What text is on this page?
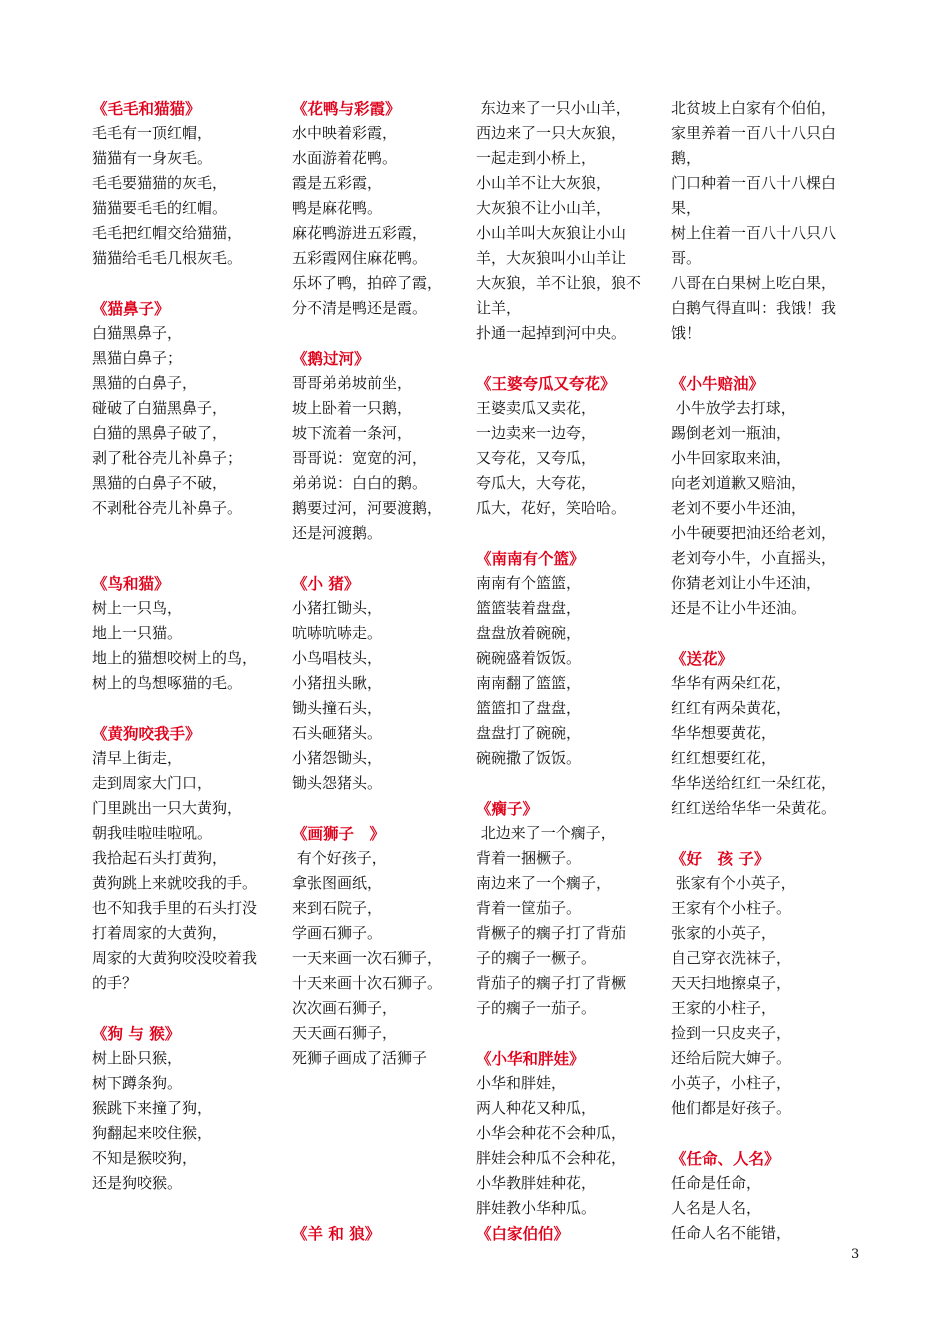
《毛毛和猫猫》
毛毛有一顶红帽，
猫猫有一身灰毛。
毛毛要猫猫的灰毛，
猫猫要毛毛的红帽。
毛毛把红帽交给猫猫，
猫猫给毛毛几根灰毛。
《猫鼻子》
白猫黑鼻子，
黑猫白鼻子；
黑猫的白鼻子，
碰破了白猫黑鼻子，
白猫的黑鼻子破了，
剥了秕谷壳儿补鼻子；
黑猫的白鼻子不破，
不剥秕谷壳儿补鼻子。
《鸟和猫》
树上一只鸟，
地上一只猫。
地上的猫想咬树上的鸟，
树上的鸟想啄猫的毛。
《黄狗咬我手》
清早上街走，
走到周家大门口，
门里跳出一只大黄狗，
朝我哇啦哇啦吼。
我拾起石头打黄狗，
黄狗跳上来就咬我的手。
也不知我手里的石头打没
打着周家的大黄狗，
周家的大黄狗咬没咬着我
的手？
《狗 与 猴》
树上卧只猴，
树下蹲条狗。
猴跳下来撞了狗，
狗翻起来咬住猴，
不知是猴咬狗，
还是狗咬猴。
《花鸭与彩霞》
水中映着彩霞，
水面游着花鸭。
霞是五彩霞，
鸭是麻花鸭。
麻花鸭游进五彩霞，
五彩霞网住麻花鸭。
乐坏了鸭，拍碎了霞，
分不清是鸭还是霞。
《鹅过河》
哥哥弟弟坡前坐，
坡上卧着一只鹅，
坡下流着一条河，
哥哥说：宽宽的河，
弟弟说：白白的鹅。
鹅要过河，河要渡鹅，
还是河渡鹅。
《小 猪》
小猪扛锄头，
吭哧吭哧走。
小鸟唱枝头，
小猪扭头瞅，
锄头撞石头，
石头砸猪头。
小猪怨锄头，
锄头怨猪头。
《画狮子　》
有个好孩子，
拿张图画纸，
来到石院子，
学画石狮子。
一天来画一次石狮子，
十天来画十次石狮子。
次次画石狮子，
天天画石狮子，
死狮子画成了活狮子
《羊 和 狼》
东边来了一只小山羊，
西边来了一只大灰狼，
一起走到小桥上，
小山羊不让大灰狼，
大灰狼不让小山羊，
小山羊叫大灰狼让小山
羊，大灰狼叫小山羊让
大灰狼，羊不让狼，狼不
让羊，
扑通一起掉到河中央。
《王婆夸瓜又夸花》
王婆卖瓜又卖花，
一边卖来一边夸，
又夸花，又夸瓜，
夸瓜大，大夸花，
瓜大，花好，笑哈哈。
《南南有个篮》
南南有个篮篮，
篮篮装着盘盘，
盘盘放着碗碗，
碗碗盛着饭饭。
南南翻了篮篮，
篮篮扣了盘盘，
盘盘打了碗碗，
碗碗撒了饭饭。
《瘸子》
北边来了一个瘸子，
背着一捆橛子。
南边来了一个瘸子，
背着一筐茄子。
背橛子的瘸子打了背茄
子的瘸子一橛子。
背茄子的瘸子打了背橛
子的瘸子一茄子。
《小华和胖娃》
小华和胖娃，
两人种花又种瓜，
小华会种花不会种瓜，
胖娃会种瓜不会种花，
小华教胖娃种花，
胖娃教小华种瓜。
《白家伯伯》
北贫坡上白家有个伯伯，
家里养着一百八十八只白
鹅，
门口种着一百八十八棵白
果，
树上住着一百八十八只八
哥。
八哥在白果树上吃白果，
白鹅气得直叫：我饿！我
饿！
《小牛赔油》
小牛放学去打球，
踢倒老刘一瓶油，
小牛回家取来油，
向老刘道歉又赔油，
老刘不要小牛还油，
小牛硬要把油还给老刘，
老刘夸小牛，小直摇头，
你猜老刘让小牛还油，
还是不让小牛还油。
《送花》
华华有两朵红花，
红红有两朵黄花，
华华想要黄花，
红红想要红花，
华华送给红红一朵红花，
红红送给华华一朵黄花。
《好　孩 子》
张家有个小英子，
王家有个小柱子。
张家的小英子，
自己穿衣洗袜子，
天天扫地擦桌子，
王家的小柱子，
捡到一只皮夹子，
还给后院大婶子。
小英子，小柱子，
他们都是好孩子。
《任命、人名》
任命是任命，
人名是人名，
任命人名不能错，
3
